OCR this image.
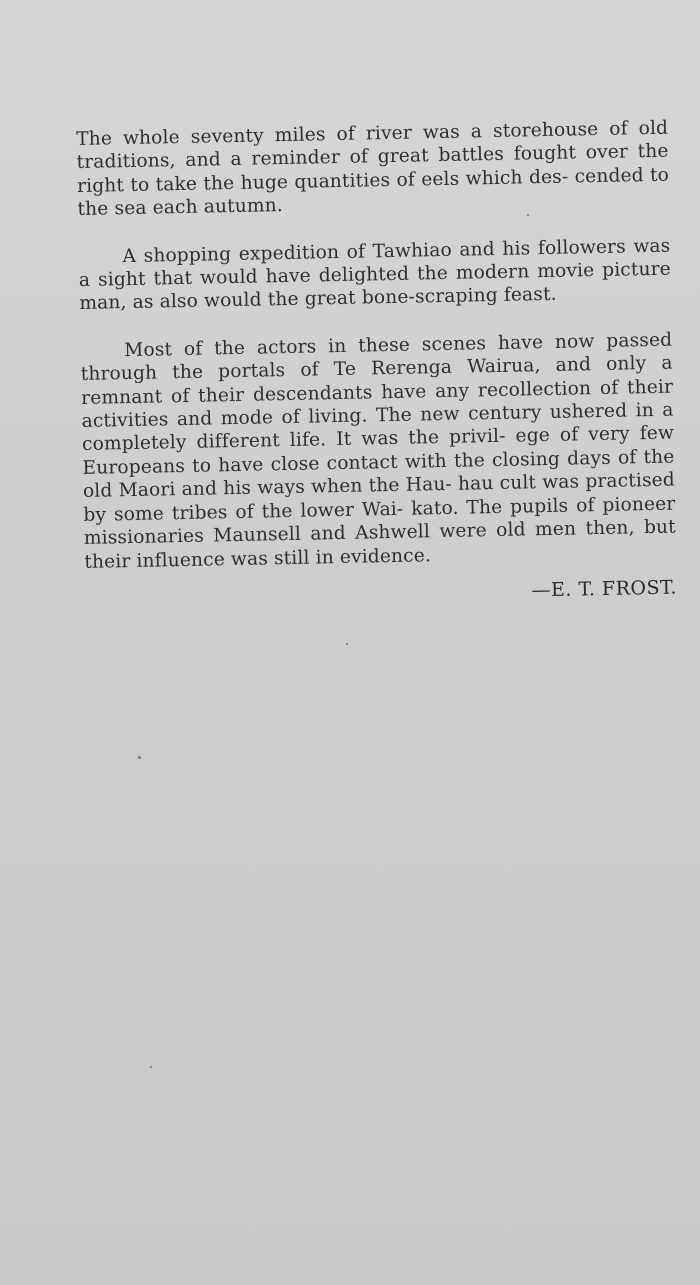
The whole seventy miles of river was a storehouse of old traditions, and a reminder of great battles fought over the right to take the huge quantities of eels which des- cended to the sea each autumn.

A shopping expedition of Tawhiao and his followers was a sight that would have delighted the modern movie picture man, as also would the great bone-scraping feast.

Most of the actors in these scenes have now passed through the portals of Te Rerenga Wairua, and only a remnant of their descendants have any recollection of their activities and mode of living. The new century ushered in a completely different life. It was the privil- ege of very few Europeans to have close contact with the closing days of the old Maori and his ways when the Hau- hau cult was practised by some tribes of the lower Wai- kato. The pupils of pioneer missionaries Maunsell and Ashwell were old men then, but their influence was still in evidence.

—E. T. FROST.
